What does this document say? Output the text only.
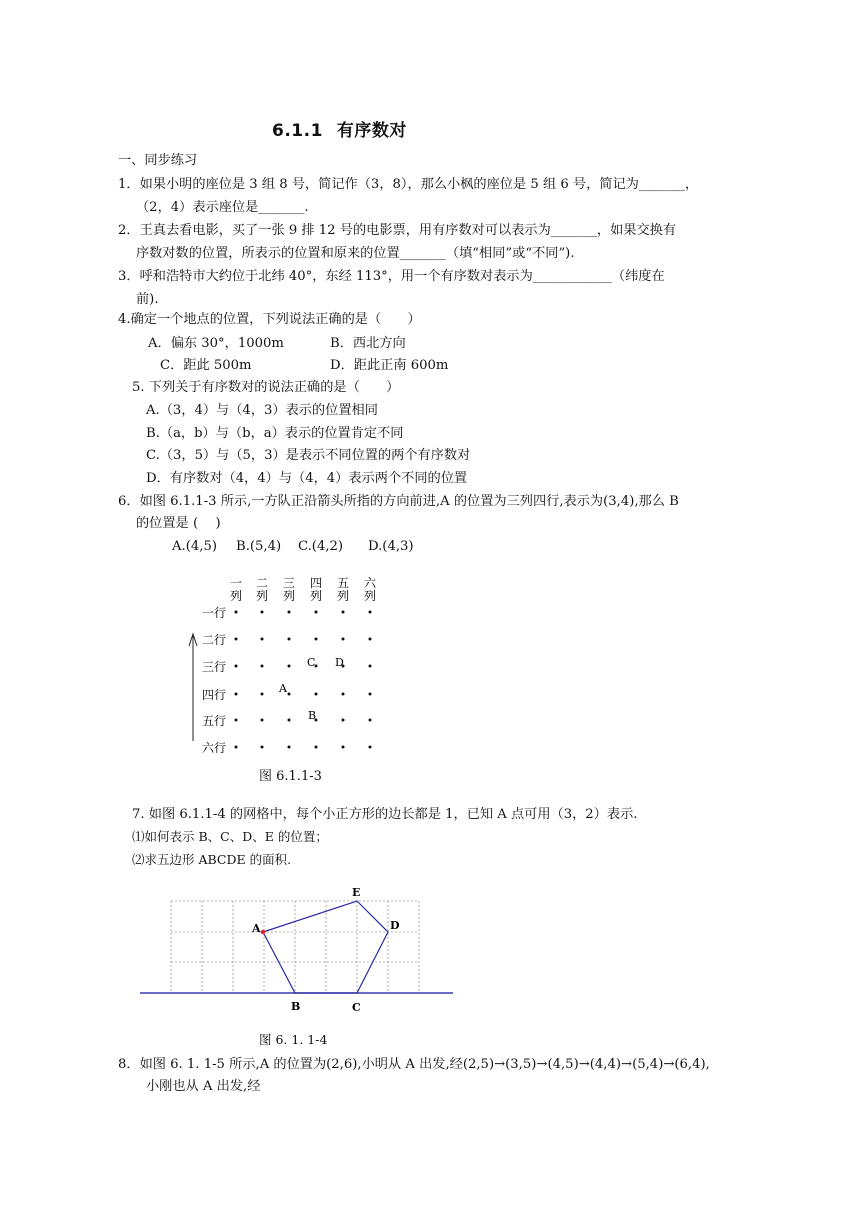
6.1.1 有序数对
一、同步练习
1．如果小明的座位是 3 组 8 号，简记作（3，8），那么小枫的座位是 5 组 6 号，简记为_______，
（2，4）表示座位是_______.
2．王真去看电影，买了一张 9 排 12 号的电影票，用有序数对可以表示为_______，如果交换有
序数对数的位置，所表示的位置和原来的位置_______（填“相同”或“不同”).
3．呼和浩特市大约位于北纬 40°，东经 113°，用一个有序数对表示为____________（纬度在
前).
4.确定一个地点的位置，下列说法正确的是（　　）
A．偏东 30°，1000m	B．西北方向
C．距此 500m	D．距此正南 600m
5. 下列关于有序数对的说法正确的是（　　）
A.（3，4）与（4，3）表示的位置相同
B.（a，b）与（b，a）表示的位置肯定不同
C.（3，5）与（5，3）是表示不同位置的两个有序数对
D．有序数对（4，4）与（4，4）表示两个不同的位置
6．如图 6.1.1-3 所示,一方队正沿箭头所指的方向前进,A 的位置为三列四行,表示为(3,4),那么 B
的位置是 (　 )
A.(4,5) B.(5,4) C.(4,2) D.(4,3)
一列
二列
三列
四列
五列
六列
一行
二行
三行
四行
五行
六行
A
B
C D
图 6.1.1-3
7. 如图 6.1.1-4 的网格中，每个小正方形的边长都是 1，已知 A 点可用（3，2）表示.
⑴如何表示 B、C、D、E 的位置；
⑵求五边形 ABCDE 的面积.
A
B	C
D
E
图 6. 1. 1-4
8．如图 6. 1. 1-5 所示,A 的位置为(2,6),小明从 A 出发,经(2,5)→(3,5)→(4,5)→(4,4)→(5,4)→(6,4),
小刚也从 A 出发,经
